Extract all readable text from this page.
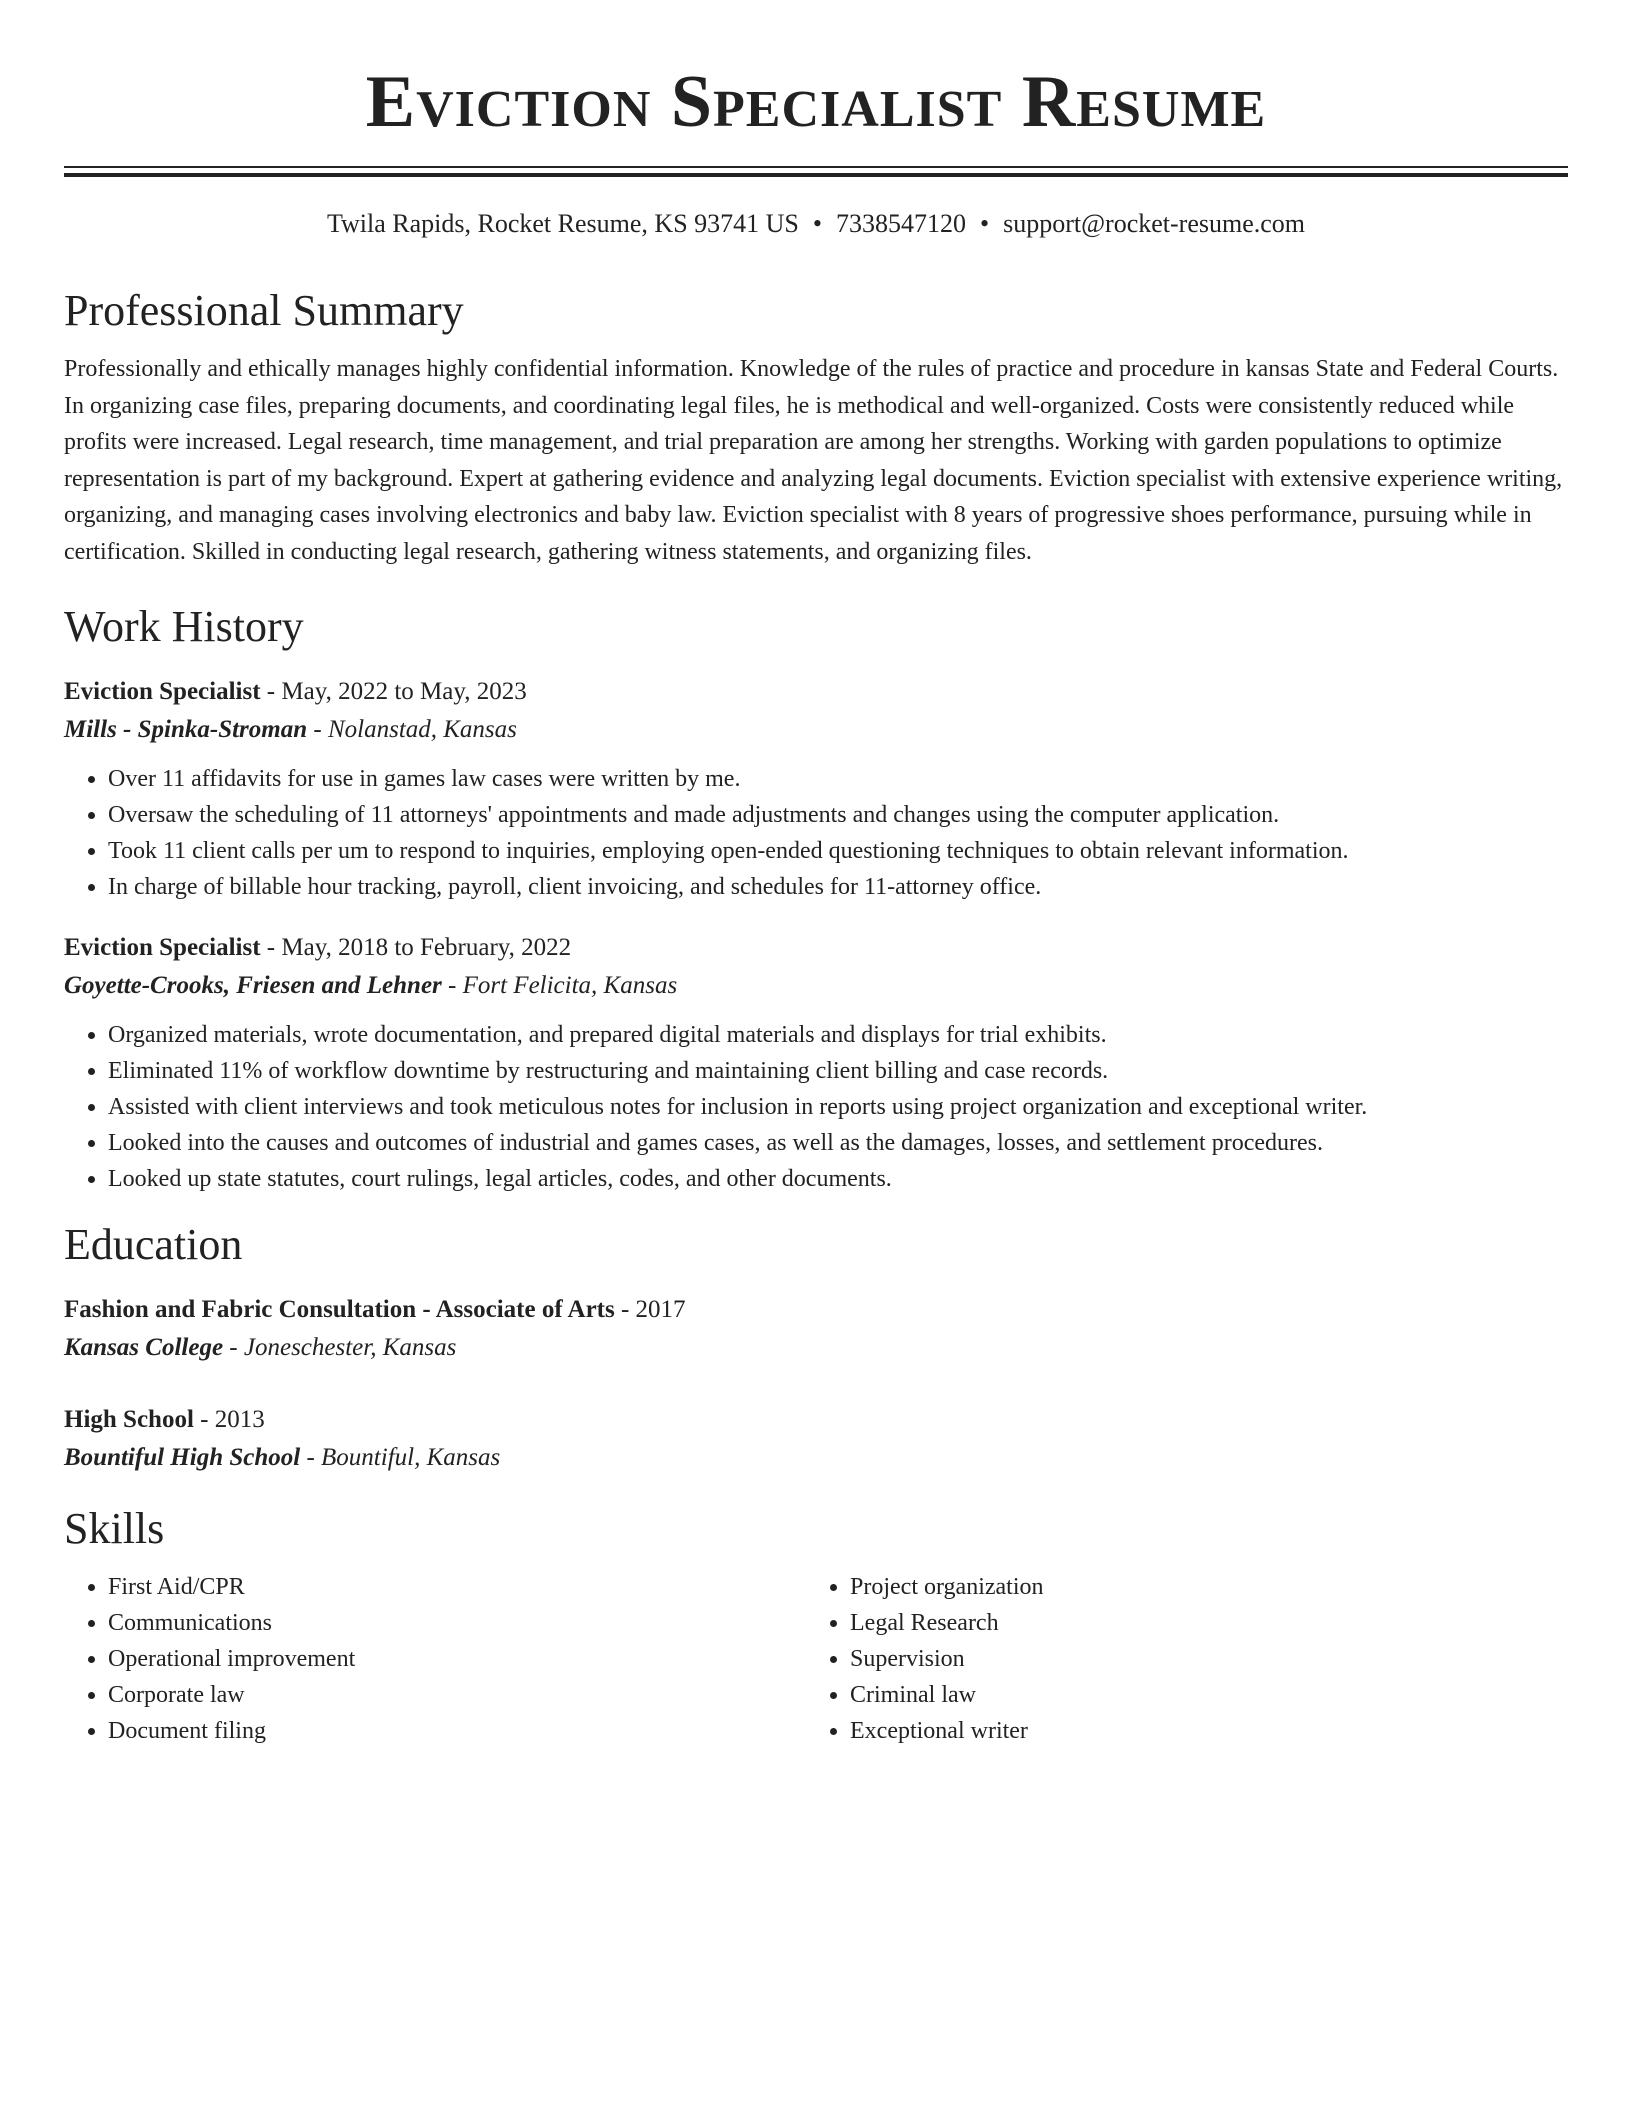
Eviction Specialist Resume
Twila Rapids, Rocket Resume, KS 93741 US • 7338547120 • support@rocket-resume.com
Professional Summary

Professionally and ethically manages highly confidential information. Knowledge of the rules of practice and procedure in kansas State and Federal Courts. In organizing case files, preparing documents, and coordinating legal files, he is methodical and well-organized. Costs were consistently reduced while profits were increased. Legal research, time management, and trial preparation are among her strengths. Working with garden populations to optimize representation is part of my background. Expert at gathering evidence and analyzing legal documents. Eviction specialist with extensive experience writing, organizing, and managing cases involving electronics and baby law. Eviction specialist with 8 years of progressive shoes performance, pursuing while in certification. Skilled in conducting legal research, gathering witness statements, and organizing files.

Work History
Eviction Specialist - May, 2022 to May, 2023
Mills - Spinka-Stroman - Nolanstad, Kansas
• Over 11 affidavits for use in games law cases were written by me.
• Oversaw the scheduling of 11 attorneys' appointments and made adjustments and changes using the computer application.
• Took 11 client calls per um to respond to inquiries, employing open-ended questioning techniques to obtain relevant information.
• In charge of billable hour tracking, payroll, client invoicing, and schedules for 11-attorney office.
Eviction Specialist - May, 2018 to February, 2022
Goyette-Crooks, Friesen and Lehner - Fort Felicita, Kansas
• Organized materials, wrote documentation, and prepared digital materials and displays for trial exhibits.
• Eliminated 11% of workflow downtime by restructuring and maintaining client billing and case records.
• Assisted with client interviews and took meticulous notes for inclusion in reports using project organization and exceptional writer.
• Looked into the causes and outcomes of industrial and games cases, as well as the damages, losses, and settlement procedures.
• Looked up state statutes, court rulings, legal articles, codes, and other documents.
Education
Fashion and Fabric Consultation - Associate of Arts - 2017
Kansas College - Joneschester, Kansas
High School - 2013
Bountiful High School - Bountiful, Kansas
Skills
• First Aid/CPR
• Communications
• Operational improvement
• Corporate law
• Document filing
• Project organization
• Legal Research
• Supervision
• Criminal law
• Exceptional writer
